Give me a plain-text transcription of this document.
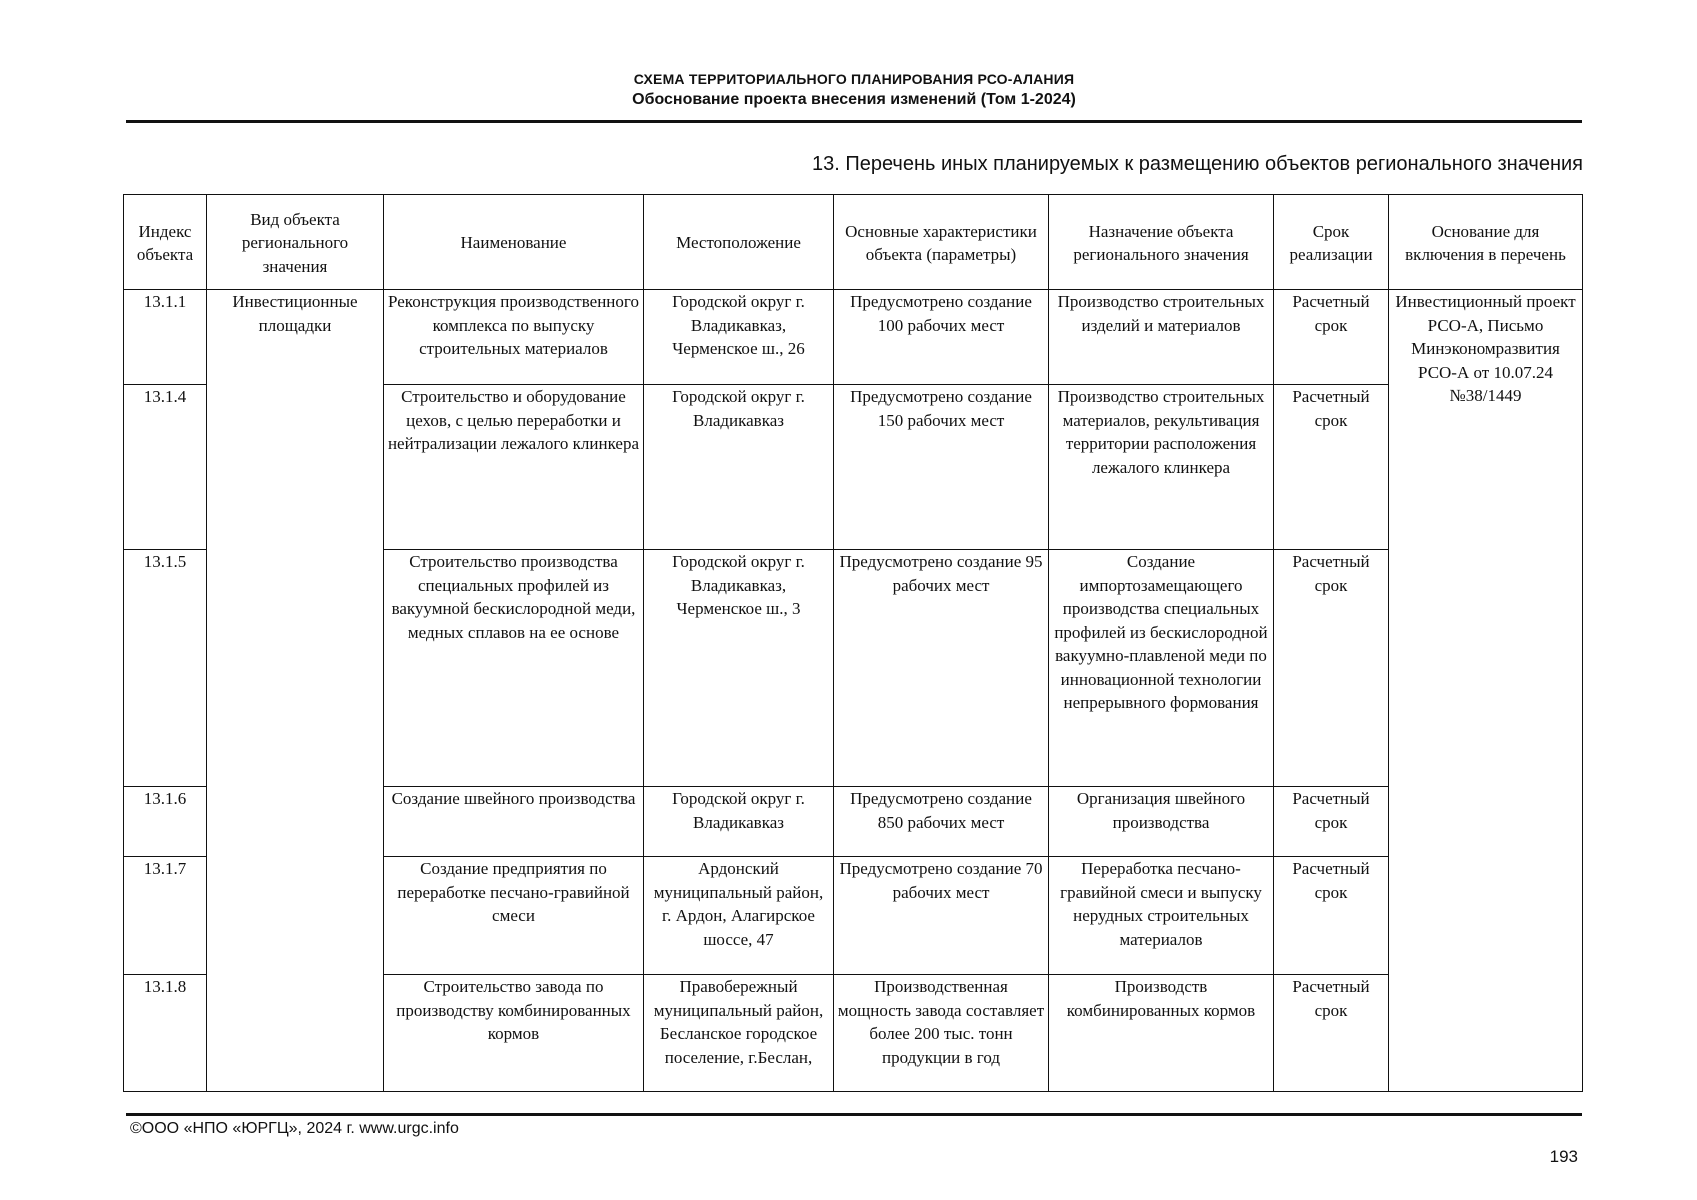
СХЕМА ТЕРРИТОРИАЛЬНОГО ПЛАНИРОВАНИЯ РСО-АЛАНИЯ
Обоснование проекта внесения изменений (Том 1-2024)
13. Перечень иных планируемых к размещению объектов регионального значения
Индекс объекта	Вид объекта регионального значения	Наименование	Местоположение	Основные характеристики объекта (параметры)	Назначение объекта регионального значения	Срок реализации	Основание для включения в перечень
13.1.1	Инвестиционные площадки	Реконструкция производственного комплекса по выпуску строительных материалов	Городской округ г. Владикавказ, Черменское ш., 26	Предусмотрено создание 100 рабочих мест	Производство строительных изделий и материалов	Расчетный срок	Инвестиционный проект РСО-А, Письмо Минэкономразвития РСО-А от 10.07.24 №38/1449
13.1.4		Строительство и оборудование цехов, с целью переработки и нейтрализации лежалого клинкера	Городской округ г. Владикавказ	Предусмотрено создание 150 рабочих мест	Производство строительных материалов, рекультивация территории расположения лежалого клинкера	Расчетный срок	
13.1.5		Строительство производства специальных профилей из вакуумной бескислородной меди, медных сплавов на ее основе	Городской округ г. Владикавказ, Черменское ш., 3	Предусмотрено создание 95 рабочих мест	Создание импортозамещающего производства специальных профилей из бескислородной вакуумно-плавленой меди по инновационной технологии непрерывного формования	Расчетный срок	
13.1.6		Создание швейного производства	Городской округ г. Владикавказ	Предусмотрено создание 850 рабочих мест	Организация швейного производства	Расчетный срок	
13.1.7		Создание предприятия по переработке песчано-гравийной смеси	Ардонский муниципальный район, г. Ардон, Алагирское шоссе, 47	Предусмотрено создание 70 рабочих мест	Переработка песчано-гравийной смеси и выпуску нерудных строительных материалов	Расчетный срок	
13.1.8		Строительство завода по производству комбинированных кормов	Правобережный муниципальный район, Бесланское городское поселение, г.Беслан,	Производственная мощность завода составляет более 200 тыс. тонн продукции в год	Производств комбинированных кормов	Расчетный срок	
©ООО «НПО «ЮРГЦ», 2024 г. www.urgc.info
193
